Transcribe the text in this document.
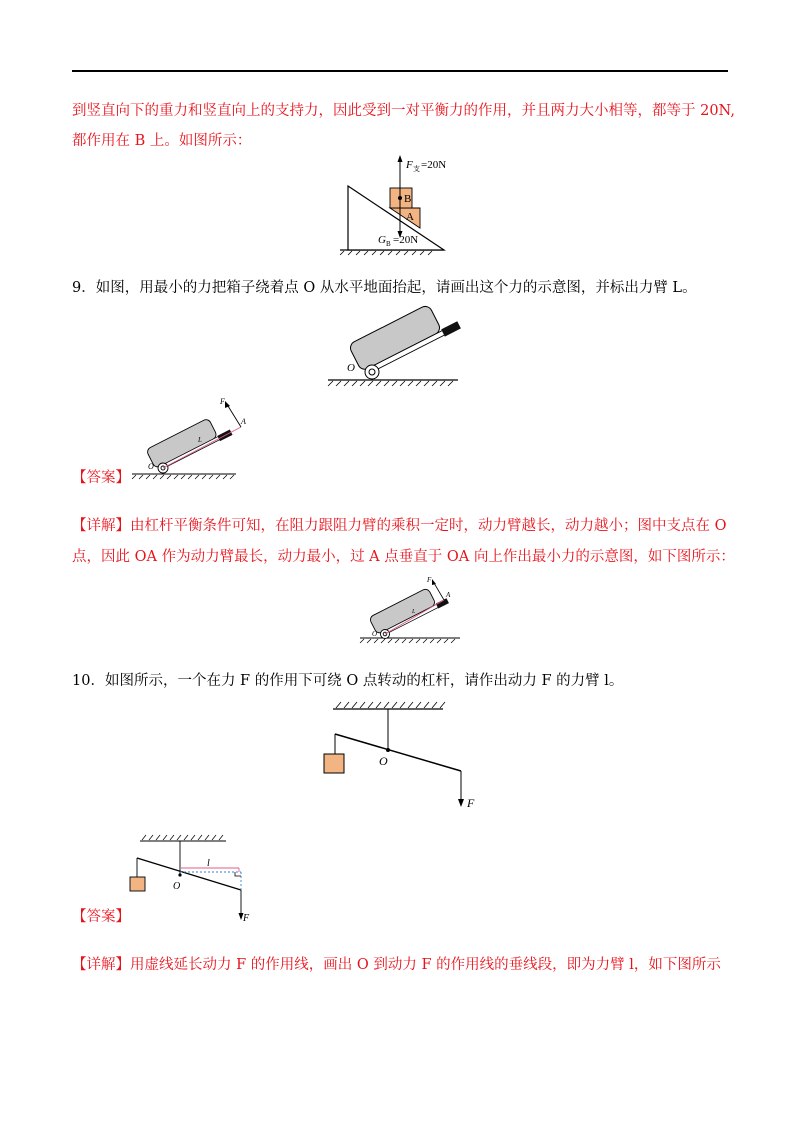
到竖直向下的重力和竖直向上的支持力，因此受到一对平衡力的作用，并且两力大小相等，都等于 20N,
都作用在 B 上。如图所示：
B
A
F 支 =20N
G B =20N
9．如图，用最小的力把箱子绕着点 O 从水平地面抬起，请画出这个力的示意图，并标出力臂 L。
O
O
F
A
L
【答案】
【详解】由杠杆平衡条件可知，在阻力跟阻力臂的乘积一定时，动力臂越长，动力越小；图中支点在 O
点，因此 OA 作为动力臂最长，动力最小，过 A 点垂直于 OA 向上作出最小力的示意图，如下图所示：
O
F
A
L
10．如图所示，一个在力 F 的作用下可绕 O 点转动的杠杆，请作出动力 F 的力臂 l。
O
F
O
l
F
【答案】
【详解】用虚线延长动力 F 的作用线，画出 O 到动力 F 的作用线的垂线段，即为力臂 l，如下图所示
